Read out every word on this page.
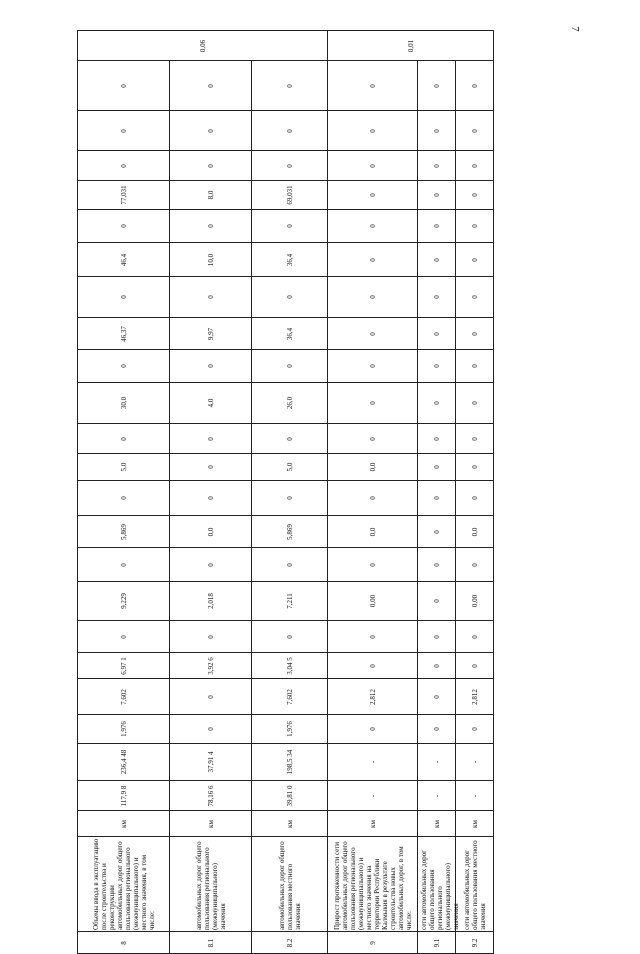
7
0,06			0,01		

0	0	0	0	0	0

0	0	0	0	0	0

0	0	0	0	0	0

77,031	8,0	69,031	0	0	0

0	0	0	0	0	0

46,4	10,0	36,4	0	0	0

0	0	0	0	0	0

46,37	9,97	36,4	0	0	0

0	0	0	0	0	0

30,0	4,0	26,0	0	0	0

0	0	0	0	0	0

5,0	0	5,0	0,0	0	0

0	0	0	0	0	0

5,869	0,0	5,869	0,0	0	0,0

0	0	0	0	0	0

9,229	2,018	7,211	0,00	0	0,00

0	0	0	0	0	0

6,97 1	3,92 6	3,04 5	0	0	0

7,602	0	7,602	2,812	0	2,812

1,976	0	1,976	0	0	0

236,4 48	37,91 4	198,5 34	-	-	-

117,9 8	78,16 6	39,81 0	-	-	-

км	км	км	км	км	км

Объемы ввода в эксплуатацию после строительства и реконструкции автомобильных дорог общего пользования регионального (межмуниципального) и местного значения, в том числе:	автомобильных дорог общего пользования регионального (межмуниципального) значения	автомобильных дорог общего пользования местного значения	Прирост протяженности сети автомобильных дорог общего пользования регионального (межмуниципального) и местного значения на территории Республики Калмыкия в результате строительства новых автомобильных дорог, в том числе:	сети автомобильных дорог общего пользования регионального (межмуниципального) значения	сети автомобильных дорог общего пользования местного значения

8	8.1	8.2	9	9.1	9.2
